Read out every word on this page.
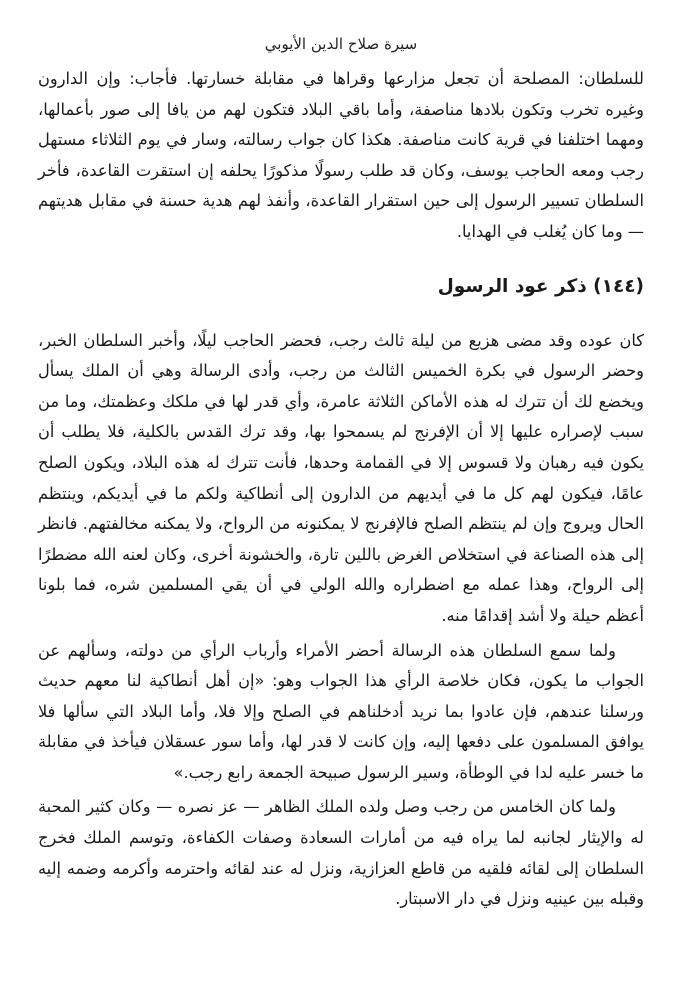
سيرة صلاح الدين الأيوبي

للسلطان: المصلحة أن تجعل مزارعها وقراها في مقابلة خسارتها. فأجاب: وإن الدارون وغيره تخرب وتكون بلادها مناصفة، وأما باقي البلاد فتكون لهم من يافا إلى صور بأعمالها، ومهما اختلفنا في قرية كانت مناصفة. هكذا كان جواب رسالته، وسار في يوم الثلاثاء مستهل رجب ومعه الحاجب يوسف، وكان قد طلب رسولًا مذكورًا يحلفه إن استقرت القاعدة، فأخر السلطان تسيير الرسول إلى حين استقرار القاعدة، وأنفذ لهم هدية حسنة في مقابل هديتهم — وما كان يُغلب في الهدايا.

(١٤٤) ذكر عود الرسول

كان عوده وقد مضى هزيع من ليلة ثالث رجب، فحضر الحاجب ليلًا، وأخبر السلطان الخبر، وحضر الرسول في بكرة الخميس الثالث من رجب، وأدى الرسالة وهي أن الملك يسأل ويخضع لك أن تترك له هذه الأماكن الثلاثة عامرة، وأي قدر لها في ملكك وعظمتك، وما من سبب لإصراره عليها إلا أن الإفرنج لم يسمحوا بها، وقد ترك القدس بالكلية، فلا يطلب أن يكون فيه رهبان ولا قسوس إلا في القمامة وحدها، فأنت تترك له هذه البلاد، ويكون الصلح عامًا، فيكون لهم كل ما في أيديهم من الدارون إلى أنطاكية ولكم ما في أيديكم، وينتظم الحال ويروج وإن لم ينتظم الصلح فالإفرنج لا يمكنونه من الرواح، ولا يمكنه مخالفتهم. فانظر إلى هذه الصناعة في استخلاص الغرض باللين تارة، والخشونة أخرى، وكان لعنه الله مضطرًا إلى الرواح، وهذا عمله مع اضطراره والله الولي في أن يقي المسلمين شره، فما بلونا أعظم حيلة ولا أشد إقدامًا منه.

ولما سمع السلطان هذه الرسالة أحضر الأمراء وأرباب الرأي من دولته، وسألهم عن الجواب ما يكون، فكان خلاصة الرأي هذا الجواب وهو: «إن أهل أنطاكية لنا معهم حديث ورسلنا عندهم، فإن عادوا بما نريد أدخلناهم في الصلح وإلا فلا، وأما البلاد التي سألها فلا يوافق المسلمون على دفعها إليه، وإن كانت لا قدر لها، وأما سور عسقلان فيأخذ في مقابلة ما خسر عليه لدا في الوطأة، وسير الرسول صبيحة الجمعة رابع رجب.»

ولما كان الخامس من رجب وصل ولده الملك الظاهر — عز نصره — وكان كثير المحبة له والإيثار لجانبه لما يراه فيه من أمارات السعادة وصفات الكفاءة، وتوسم الملك فخرج السلطان إلى لقائه فلقيه من قاطع العزازية، ونزل له عند لقائه واحترمه وأكرمه وضمه إليه وقبله بين عينيه ونزل في دار الاسبتار.
